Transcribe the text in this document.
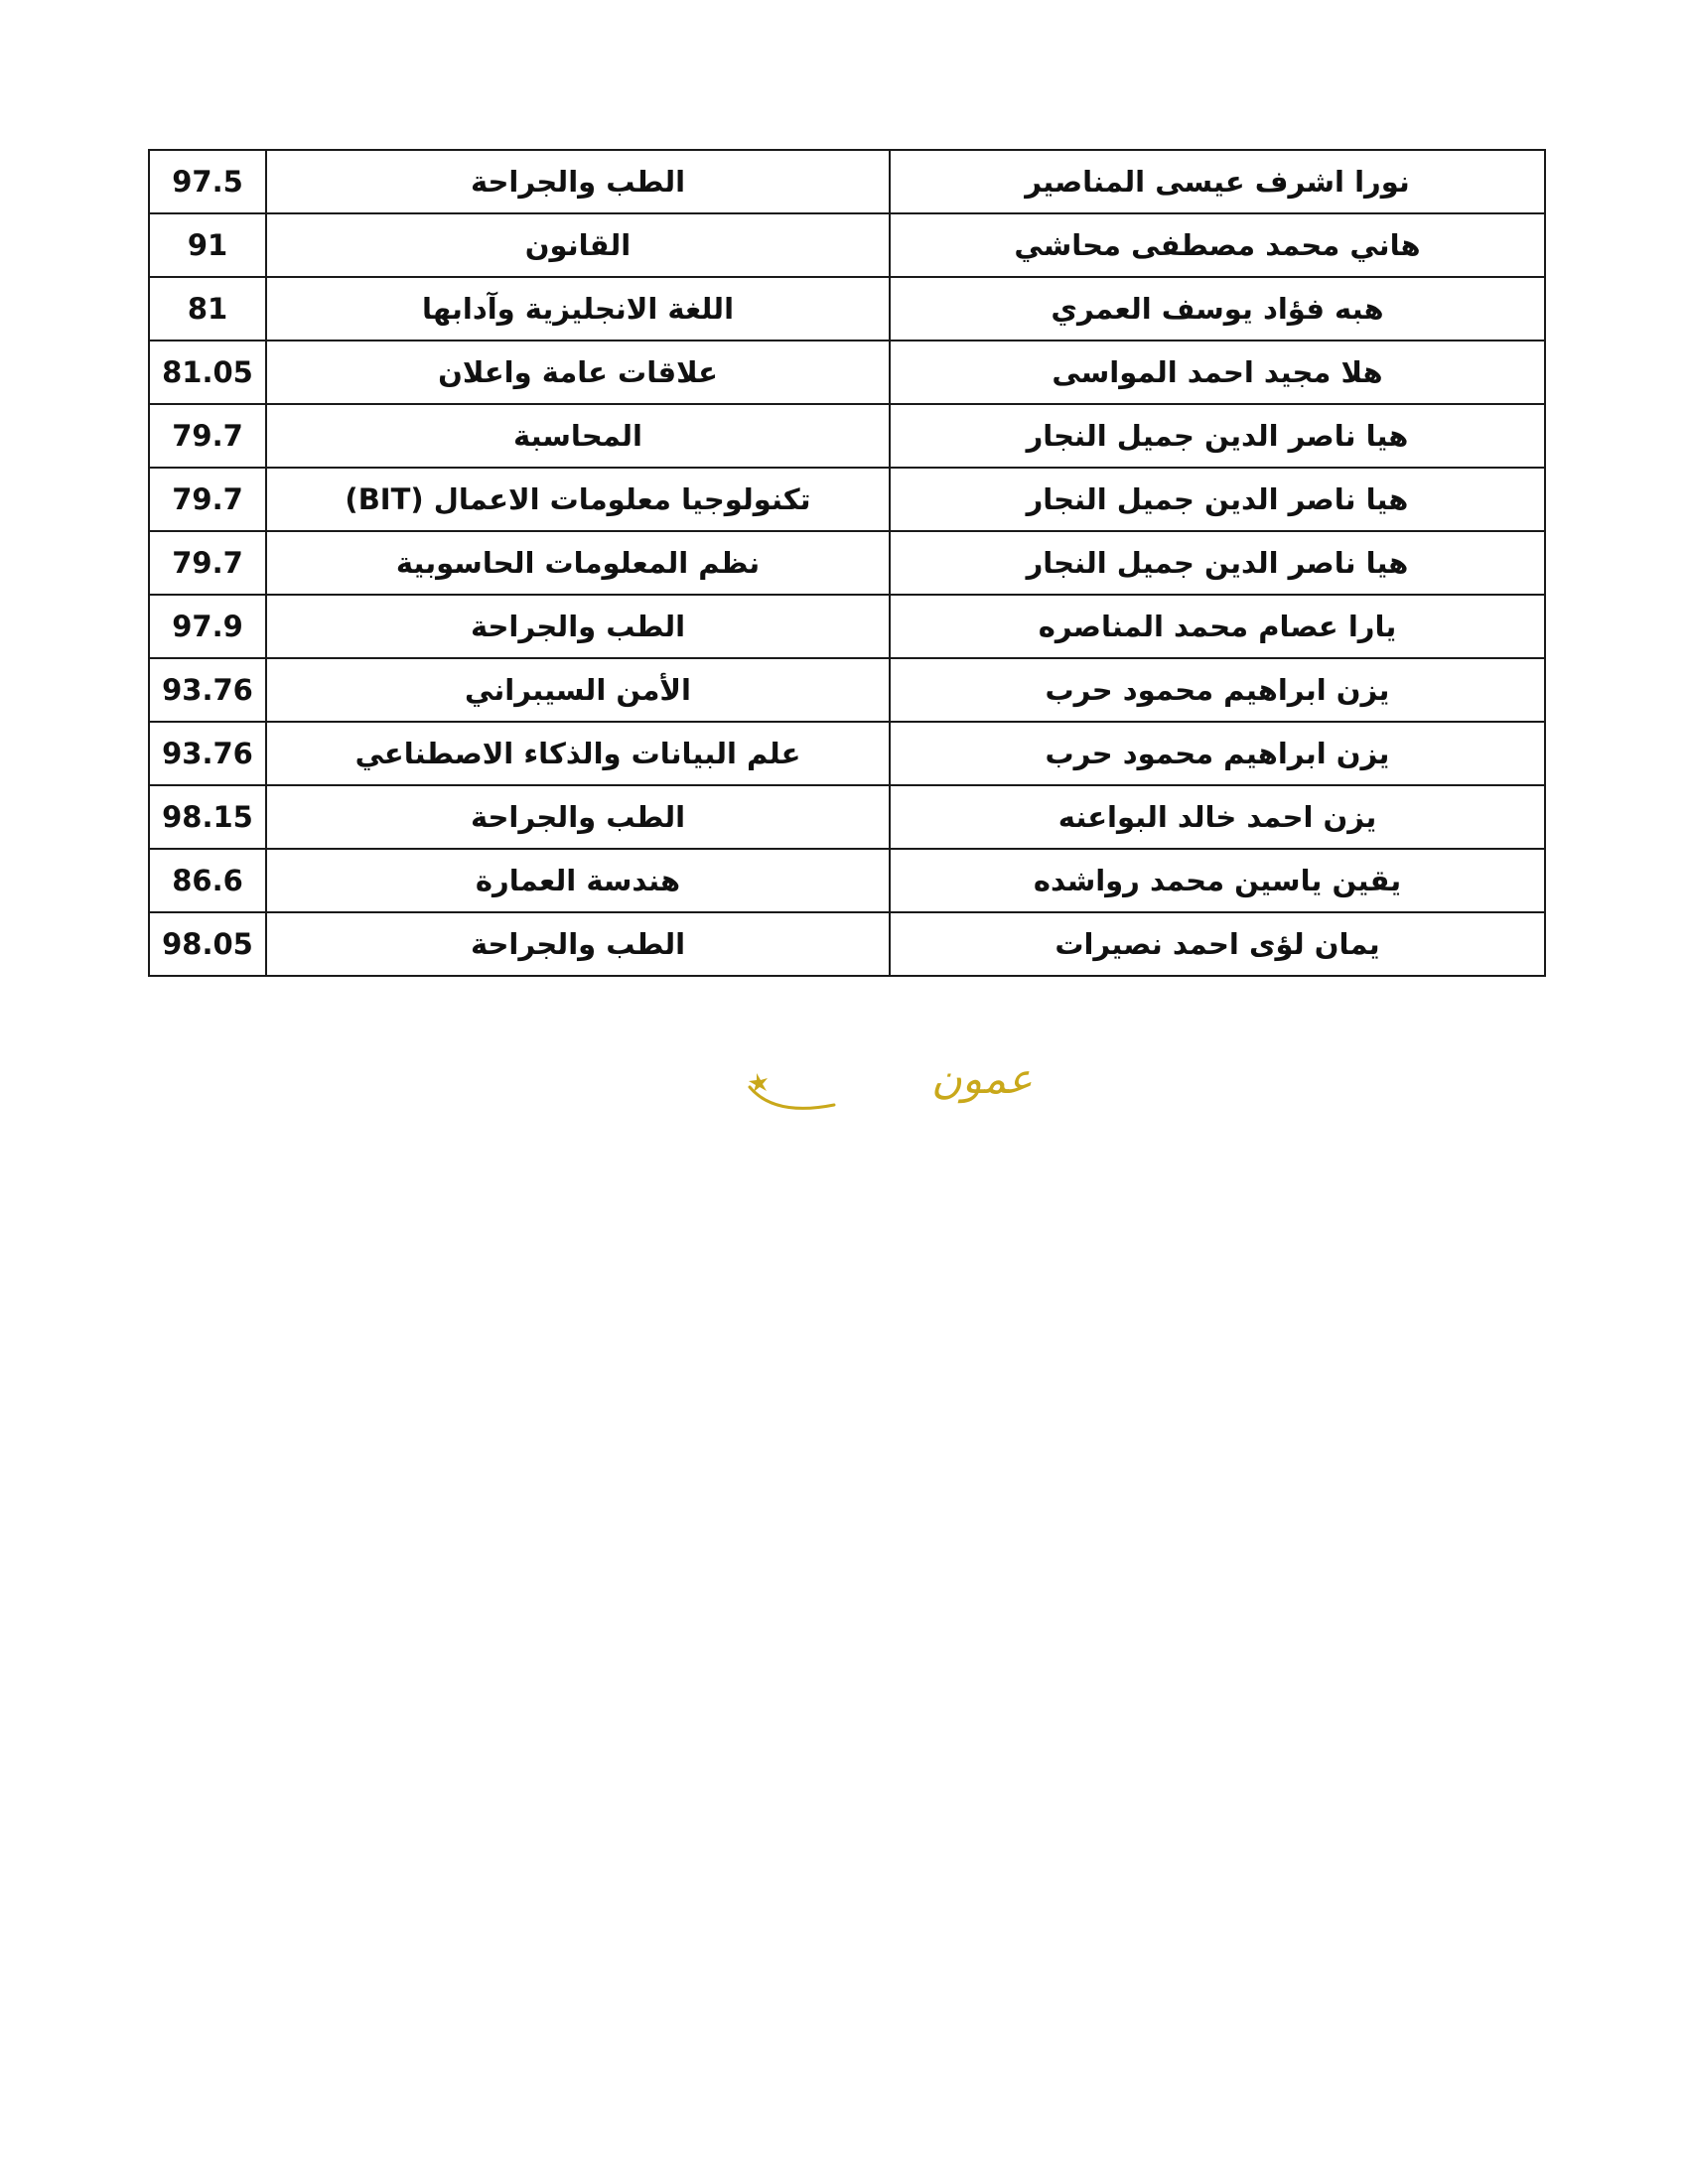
97.5	الطب والجراحة	نورا اشرف عيسى المناصير
91	القانون	هاني محمد مصطفى محاشي
81	اللغة الانجليزية وآدابها	هبه فؤاد يوسف العمري
81.05	علاقات عامة واعلان	هلا مجيد احمد المواسى
79.7	المحاسبة	هيا ناصر الدين جميل النجار
79.7	تكنولوجيا معلومات الاعمال (BIT)	هيا ناصر الدين جميل النجار
79.7	نظم المعلومات الحاسوبية	هيا ناصر الدين جميل النجار
97.9	الطب والجراحة	يارا عصام محمد المناصره
93.76	الأمن السيبراني	يزن ابراهيم محمود حرب
93.76	علم البيانات والذكاء الاصطناعي	يزن ابراهيم محمود حرب
98.15	الطب والجراحة	يزن احمد خالد البواعنه
86.6	هندسة العمارة	يقين ياسين محمد رواشده
98.05	الطب والجراحة	يمان لؤى احمد نصيرات
عمون
